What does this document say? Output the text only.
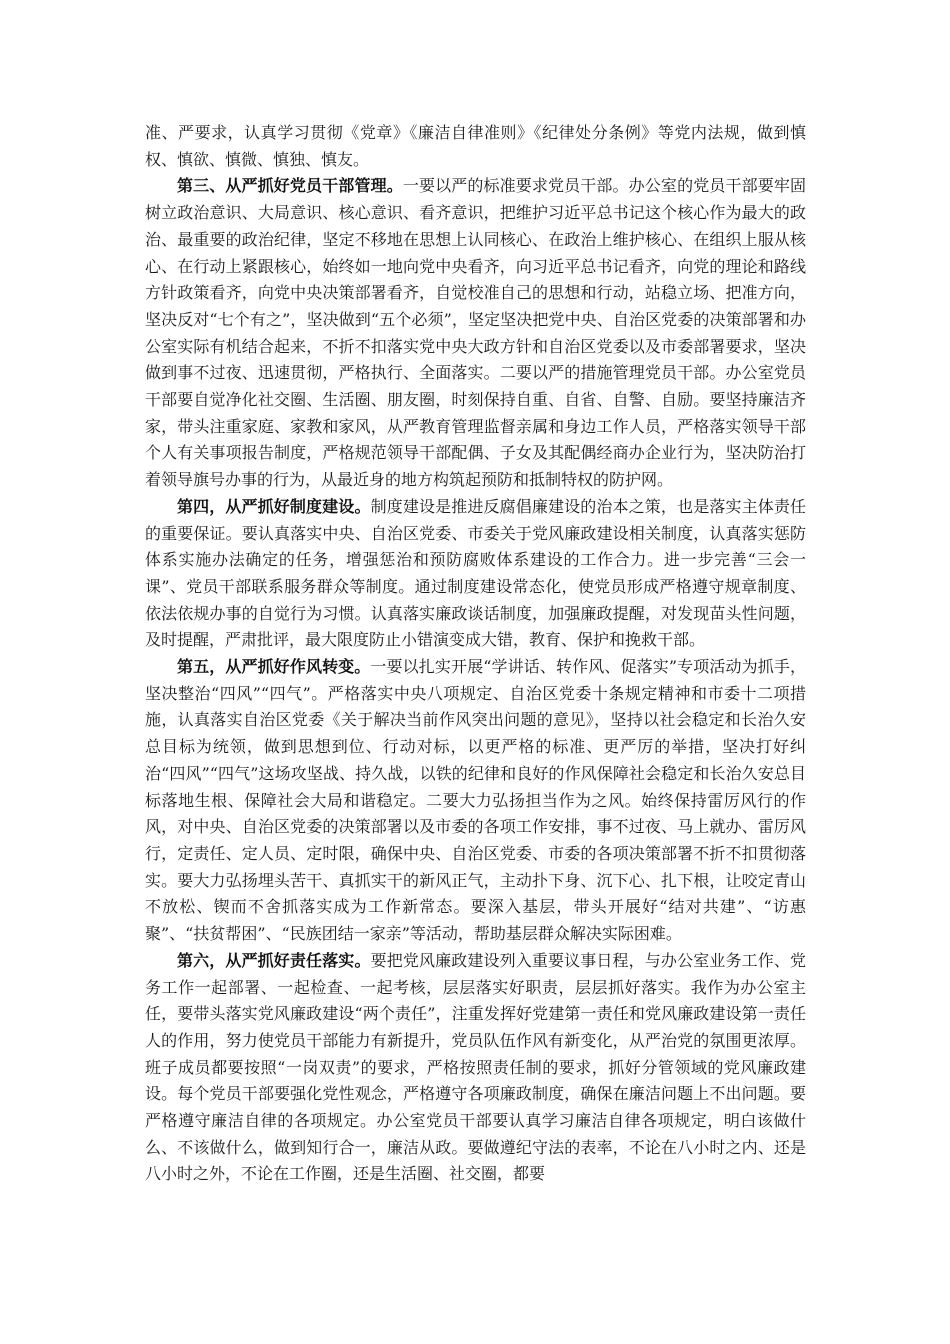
准、严要求，认真学习贯彻《党章》《廉洁自律准则》《纪律处分条例》等党内法规，做到慎权、慎欲、慎微、慎独、慎友。

第三、从严抓好党员干部管理。一要以严的标准要求党员干部。办公室的党员干部要牢固树立政治意识、大局意识、核心意识、看齐意识，把维护习近平总书记这个核心作为最大的政治、最重要的政治纪律，坚定不移地在思想上认同核心、在政治上维护核心、在组织上服从核心、在行动上紧跟核心，始终如一地向党中央看齐，向习近平总书记看齐，向党的理论和路线方针政策看齐，向党中央决策部署看齐，自觉校准自己的思想和行动，站稳立场、把准方向，坚决反对“七个有之”，坚决做到“五个必须”，坚定坚决把党中央、自治区党委的决策部署和办公室实际有机结合起来，不折不扣落实党中央大政方针和自治区党委以及市委部署要求，坚决做到事不过夜、迅速贯彻，严格执行、全面落实。二要以严的措施管理党员干部。办公室党员干部要自觉净化社交圈、生活圈、朋友圈，时刻保持自重、自省、自警、自励。要坚持廉洁齐家，带头注重家庭、家教和家风，从严教育管理监督亲属和身边工作人员，严格落实领导干部个人有关事项报告制度，严格规范领导干部配偶、子女及其配偶经商办企业行为，坚决防治打着领导旗号办事的行为，从最近身的地方构筑起预防和抵制特权的防护网。

第四，从严抓好制度建设。制度建设是推进反腐倡廉建设的治本之策，也是落实主体责任的重要保证。要认真落实中央、自治区党委、市委关于党风廉政建设相关制度，认真落实惩防体系实施办法确定的任务，增强惩治和预防腐败体系建设的工作合力。进一步完善“三会一课”、党员干部联系服务群众等制度。通过制度建设常态化，使党员形成严格遵守规章制度、依法依规办事的自觉行为习惯。认真落实廉政谈话制度，加强廉政提醒，对发现苗头性问题，及时提醒，严肃批评，最大限度防止小错演变成大错，教育、保护和挽救干部。

第五，从严抓好作风转变。一要以扎实开展“学讲话、转作风、促落实”专项活动为抓手，坚决整治“四风”“四气”。严格落实中央八项规定、自治区党委十条规定精神和市委十二项措施，认真落实自治区党委《关于解决当前作风突出问题的意见》，坚持以社会稳定和长治久安总目标为统领，做到思想到位、行动对标，以更严格的标准、更严厉的举措，坚决打好纠治“四风”“四气”这场攻坚战、持久战，以铁的纪律和良好的作风保障社会稳定和长治久安总目标落地生根、保障社会大局和谐稳定。二要大力弘扬担当作为之风。始终保持雷厉风行的作风，对中央、自治区党委的决策部署以及市委的各项工作安排，事不过夜、马上就办、雷厉风行，定责任、定人员、定时限，确保中央、自治区党委、市委的各项决策部署不折不扣贯彻落实。要大力弘扬埋头苦干、真抓实干的新风正气，主动扑下身、沉下心、扎下根，让咬定青山不放松、锲而不舍抓落实成为工作新常态。要深入基层，带头开展好“结对共建”、“访惠聚”、“扶贫帮困”、“民族团结一家亲”等活动，帮助基层群众解决实际困难。

第六，从严抓好责任落实。要把党风廉政建设列入重要议事日程，与办公室业务工作、党务工作一起部署、一起检查、一起考核，层层落实好职责，层层抓好落实。我作为办公室主任，要带头落实党风廉政建设“两个责任”，注重发挥好党建第一责任和党风廉政建设第一责任人的作用，努力使党员干部能力有新提升，党员队伍作风有新变化，从严治党的氛围更浓厚。班子成员都要按照“一岗双责”的要求，严格按照责任制的要求，抓好分管领域的党风廉政建设。每个党员干部要强化党性观念，严格遵守各项廉政制度，确保在廉洁问题上不出问题。要严格遵守廉洁自律的各项规定。办公室党员干部要认真学习廉洁自律各项规定，明白该做什么、不该做什么，做到知行合一，廉洁从政。要做遵纪守法的表率，不论在八小时之内、还是八小时之外，不论在工作圈，还是生活圈、社交圈，都要
